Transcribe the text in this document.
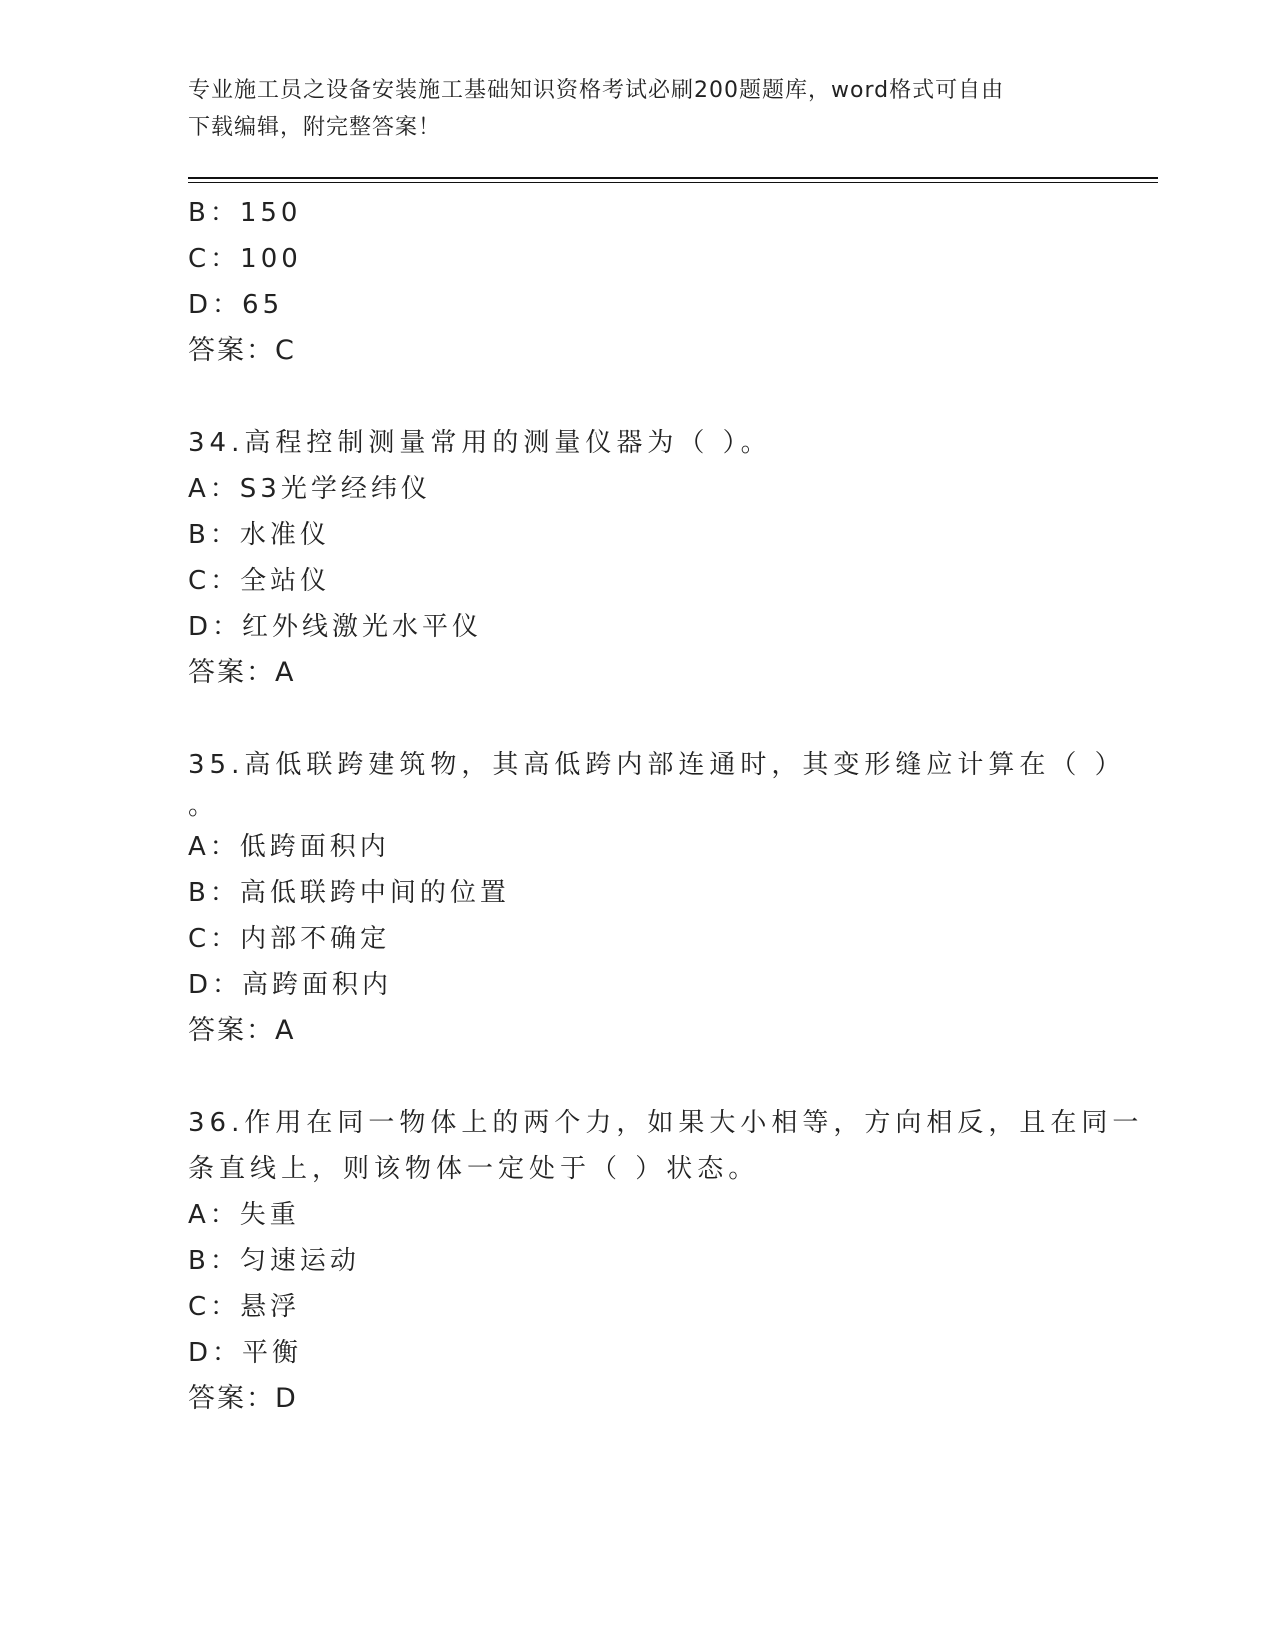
专业施工员之设备安装施工基础知识资格考试必刷200题题库，word格式可自由
下载编辑，附完整答案！
B：150
C：100
D：65
答案：C
34.高程控制测量常用的测量仪器为（ ）。
A：S3光学经纬仪
B：水准仪
C：全站仪
D：红外线激光水平仪
答案：A
35.高低联跨建筑物，其高低跨内部连通时，其变形缝应计算在（ ）
。
A：低跨面积内
B：高低联跨中间的位置
C：内部不确定
D：高跨面积内
答案：A
36.作用在同一物体上的两个力，如果大小相等，方向相反，且在同一
条直线上，则该物体一定处于（ ）状态。
A：失重
B：匀速运动
C：悬浮
D：平衡
答案：D
